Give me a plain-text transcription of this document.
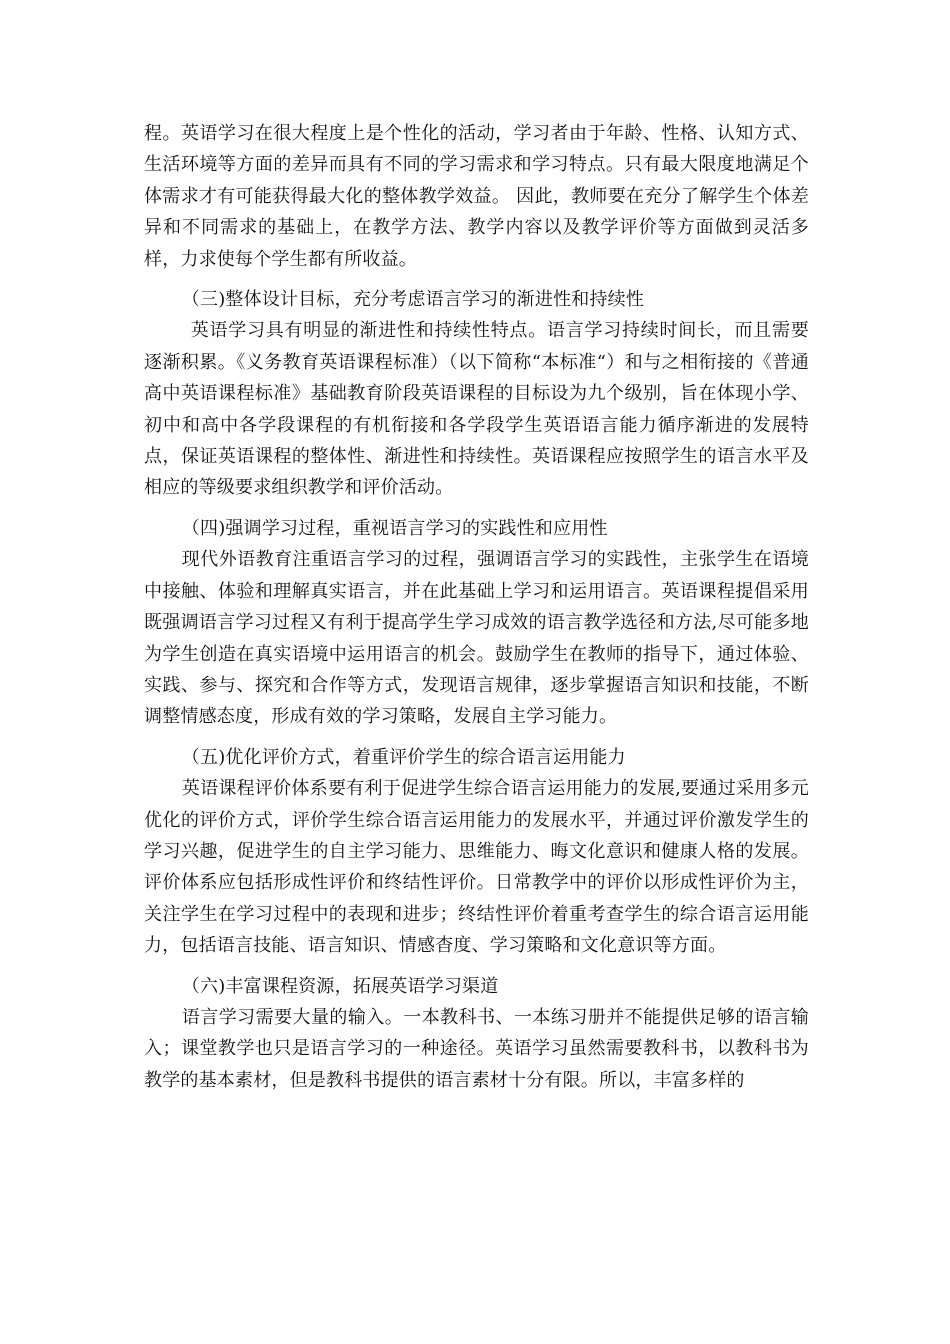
程。英语学习在很大程度上是个性化的活动，学习者由于年龄、性格、认知方式、生活环境等方面的差异而具有不同的学习需求和学习特点。只有最大限度地满足个体需求才有可能获得最大化的整体教学效益。 因此，教师要在充分了解学生个体差异和不同需求的基础上，在教学方法、教学内容以及教学评价等方面做到灵活多样，力求使每个学生都有所收益。

（三)整体设计目标，充分考虑语言学习的渐进性和持续性

英语学习具有明显的渐进性和持续性特点。语言学习持续时间长，而且需要逐渐积累。《义务教育英语课程标准）（以下简称“本标准“）和与之相衔接的《普通高中英语课程标准》基础教育阶段英语课程的目标设为九个级别，旨在体现小学、初中和高中各学段课程的有机衔接和各学段学生英语语言能力循序渐进的发展特点，保证英语课程的整体性、渐进性和持续性。英语课程应按照学生的语言水平及相应的等级要求组织教学和评价活动。

（四)强调学习过程，重视语言学习的实践性和应用性

现代外语教育注重语言学习的过程，强调语言学习的实践性，主张学生在语境中接触、体验和理解真实语言，并在此基础上学习和运用语言。英语课程提倡采用既强调语言学习过程又有利于提高学生学习成效的语言教学选径和方法,尽可能多地为学生创造在真实语境中运用语言的机会。鼓励学生在教师的指导下，通过体验、实践、参与、探究和合作等方式，发现语言规律，逐步掌握语言知识和技能，不断调整情感态度，形成有效的学习策略，发展自主学习能力。

（五)优化评价方式，着重评价学生的综合语言运用能力

英语课程评价体系要有利于促进学生综合语言运用能力的发展,要通过采用多元优化的评价方式，评价学生综合语言运用能力的发展水平，并通过评价激发学生的学习兴趣，促进学生的自主学习能力、思维能力、晦文化意识和健康人格的发展。评价体系应包括形成性评价和终结性评价。日常教学中的评价以形成性评价为主，关注学生在学习过程中的表现和进步；终结性评价着重考查学生的综合语言运用能力，包括语言技能、语言知识、情感杳度、学习策略和文化意识等方面。

（六)丰富课程资源，拓展英语学习渠道

语言学习需要大量的输入。一本教科书、一本练习册并不能提供足够的语言输入；课堂教学也只是语言学习的一种途径。英语学习虽然需要教科书，以教科书为教学的基本素材，但是教科书提供的语言素材十分有限。所以，丰富多样的
